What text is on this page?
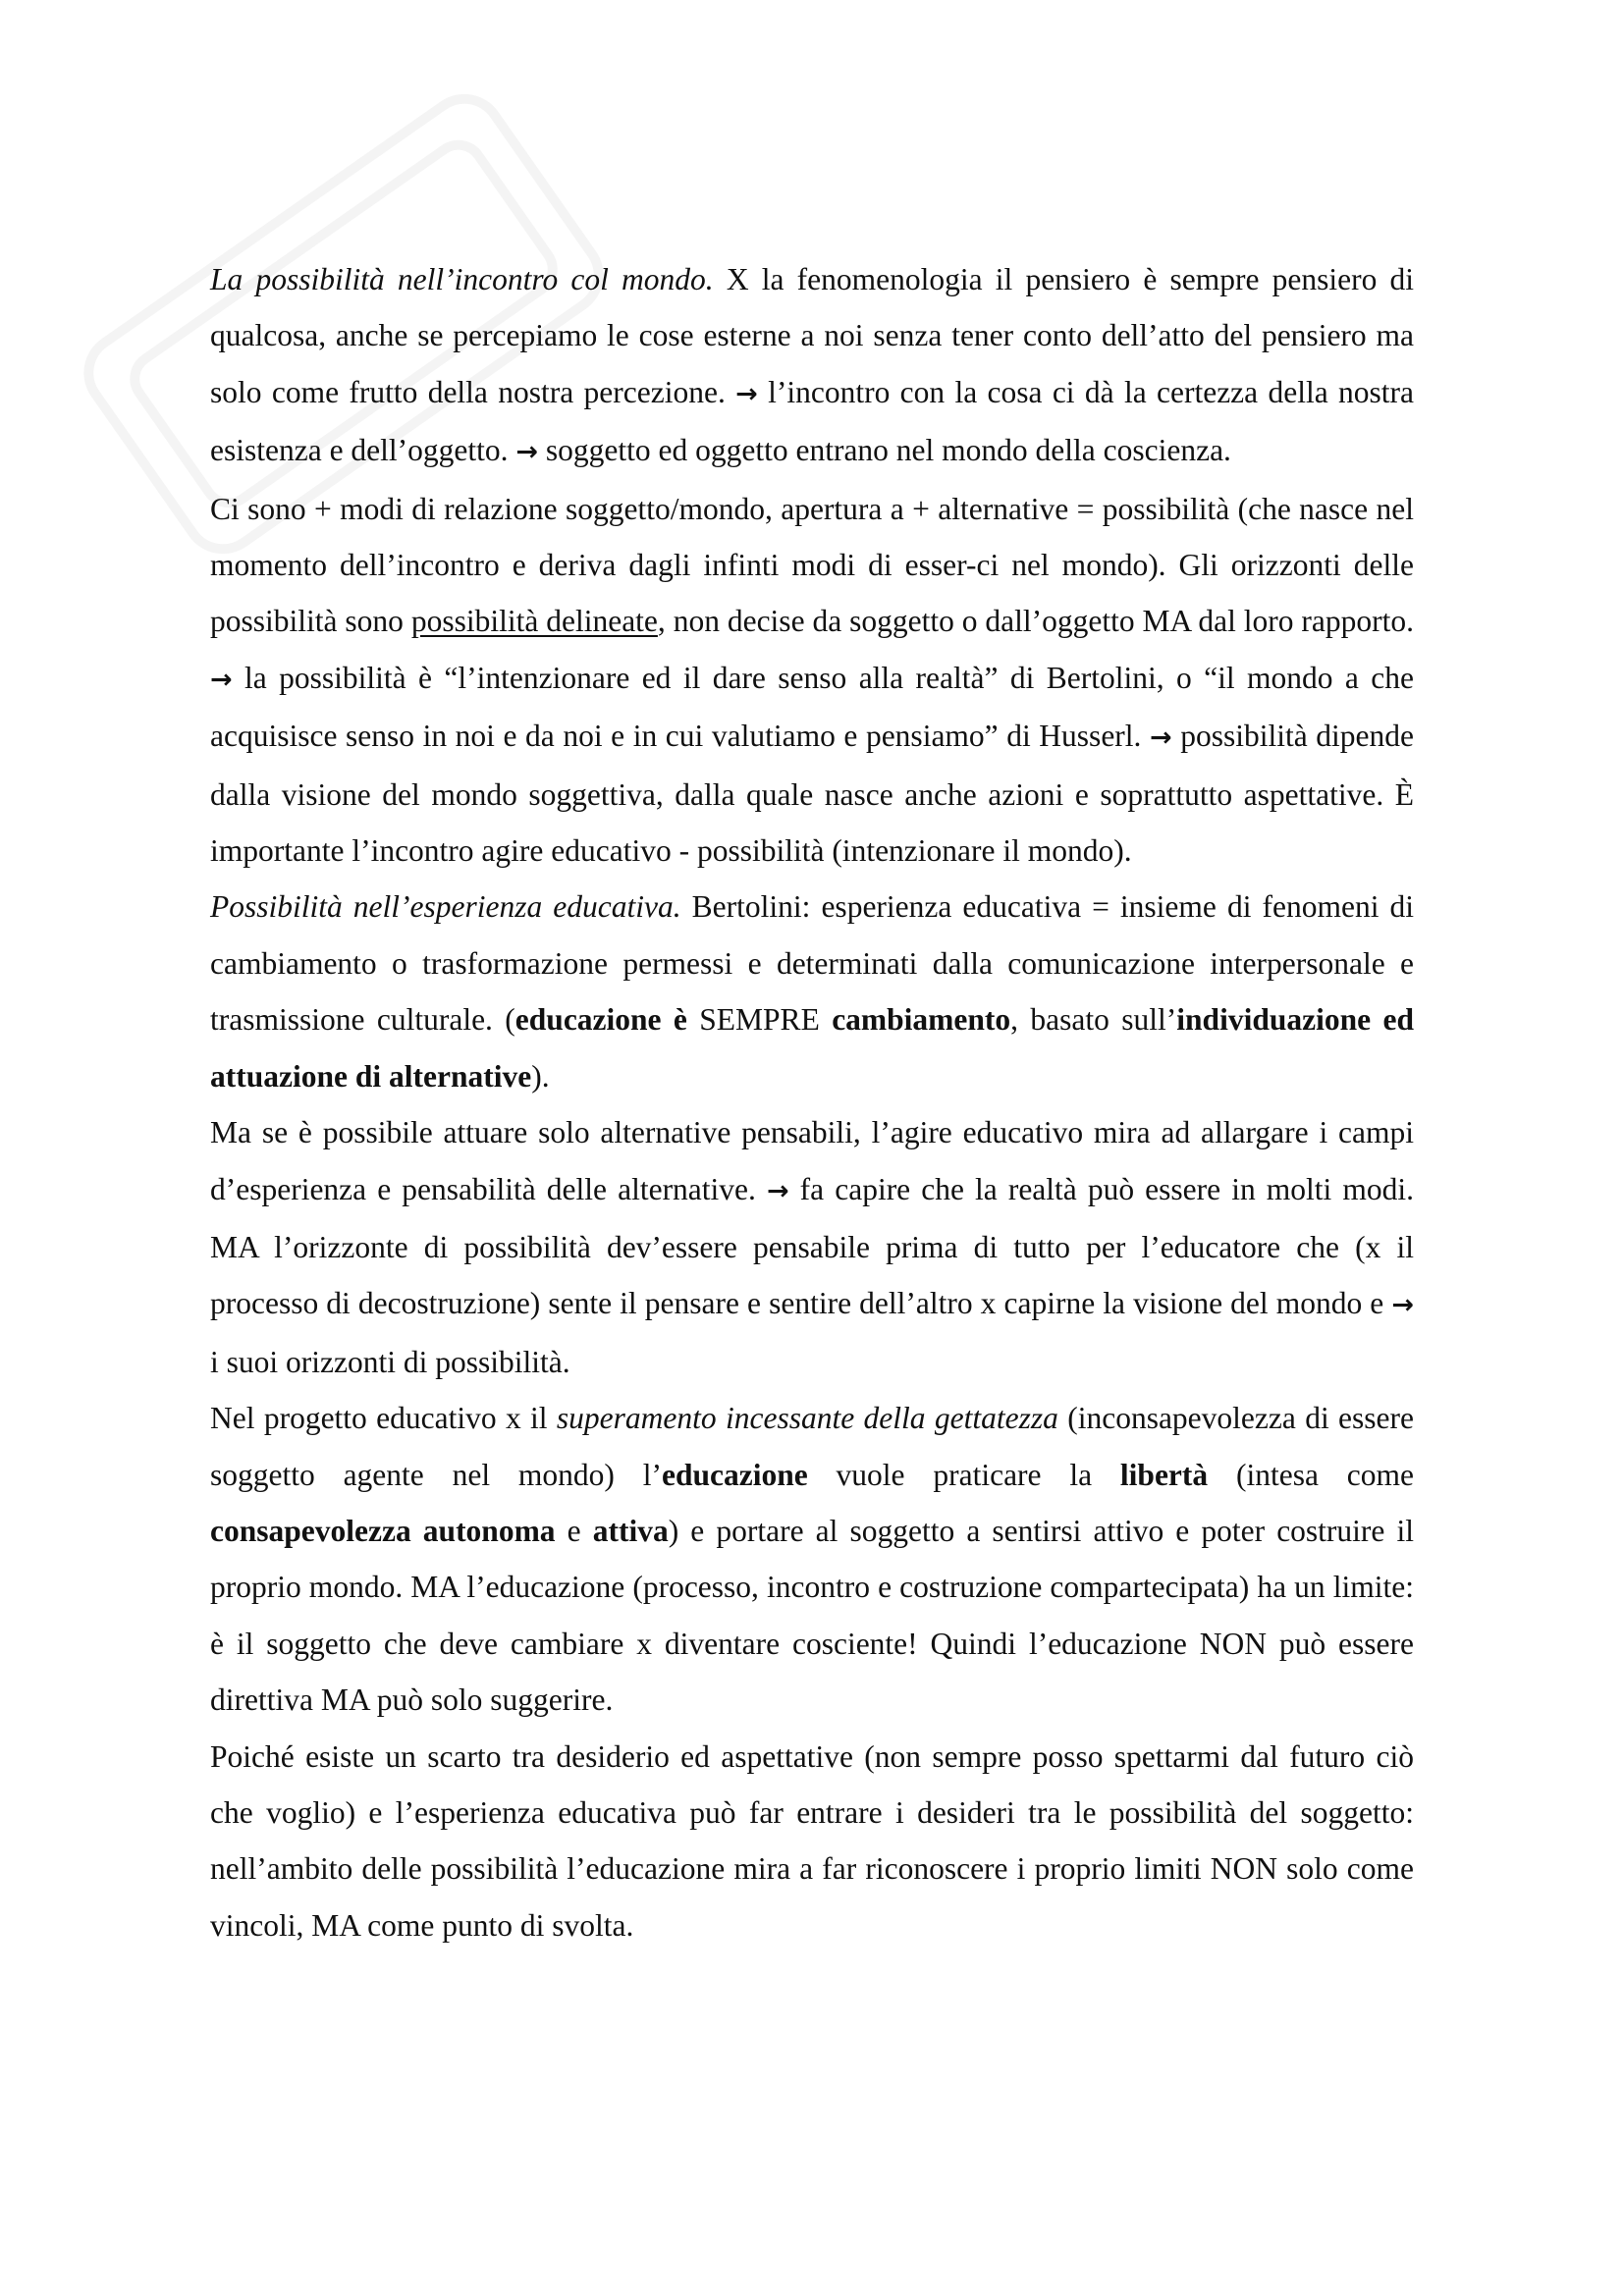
La possibilità nell’incontro col mondo. X la fenomenologia il pensiero è sempre pensiero di qualcosa, anche se percepiamo le cose esterne a noi senza tener conto dell’atto del pensiero ma solo come frutto della nostra percezione. → l’incontro con la cosa ci dà la certezza della nostra esistenza e dell’oggetto. → soggetto ed oggetto entrano nel mondo della coscienza.

Ci sono + modi di relazione soggetto/mondo, apertura a + alternative = possibilità (che nasce nel momento dell’incontro e deriva dagli infinti modi di esser-ci nel mondo). Gli orizzonti delle possibilità sono possibilità delineate, non decise da soggetto o dall’oggetto MA dal loro rapporto. → la possibilità è “l’intenzionare ed il dare senso alla realtà” di Bertolini, o “il mondo a che acquisisce senso in noi e da noi e in cui valutiamo e pensiamo” di Husserl. → possibilità dipende dalla visione del mondo soggettiva, dalla quale nasce anche azioni e soprattutto aspettative. È importante l’incontro agire educativo - possibilità (intenzionare il mondo).

Possibilità nell’esperienza educativa. Bertolini: esperienza educativa = insieme di fenomeni di cambiamento o trasformazione permessi e determinati dalla comunicazione interpersonale e trasmissione culturale. (educazione è SEMPRE cambiamento, basato sull’individuazione ed attuazione di alternative).

Ma se è possibile attuare solo alternative pensabili, l’agire educativo mira ad allargare i campi d’esperienza e pensabilità delle alternative. → fa capire che la realtà può essere in molti modi. MA l’orizzonte di possibilità dev’essere pensabile prima di tutto per l’educatore che (x il processo di decostruzione) sente il pensare e sentire dell’altro x capirne la visione del mondo e → i suoi orizzonti di possibilità.

Nel progetto educativo x il superamento incessante della gettatezza (inconsapevolezza di essere soggetto agente nel mondo) l’educazione vuole praticare la libertà (intesa come consapevolezza autonoma e attiva) e portare al soggetto a sentirsi attivo e poter costruire il proprio mondo. MA l’educazione (processo, incontro e costruzione compartecipata) ha un limite: è il soggetto che deve cambiare x diventare cosciente! Quindi l’educazione NON può essere direttiva MA può solo suggerire.

Poiché esiste un scarto tra desiderio ed aspettative (non sempre posso spettarmi dal futuro ciò che voglio) e l’esperienza educativa può far entrare i desideri tra le possibilità del soggetto: nell’ambito delle possibilità l’educazione mira a far riconoscere i proprio limiti NON solo come vincoli, MA come punto di svolta.
